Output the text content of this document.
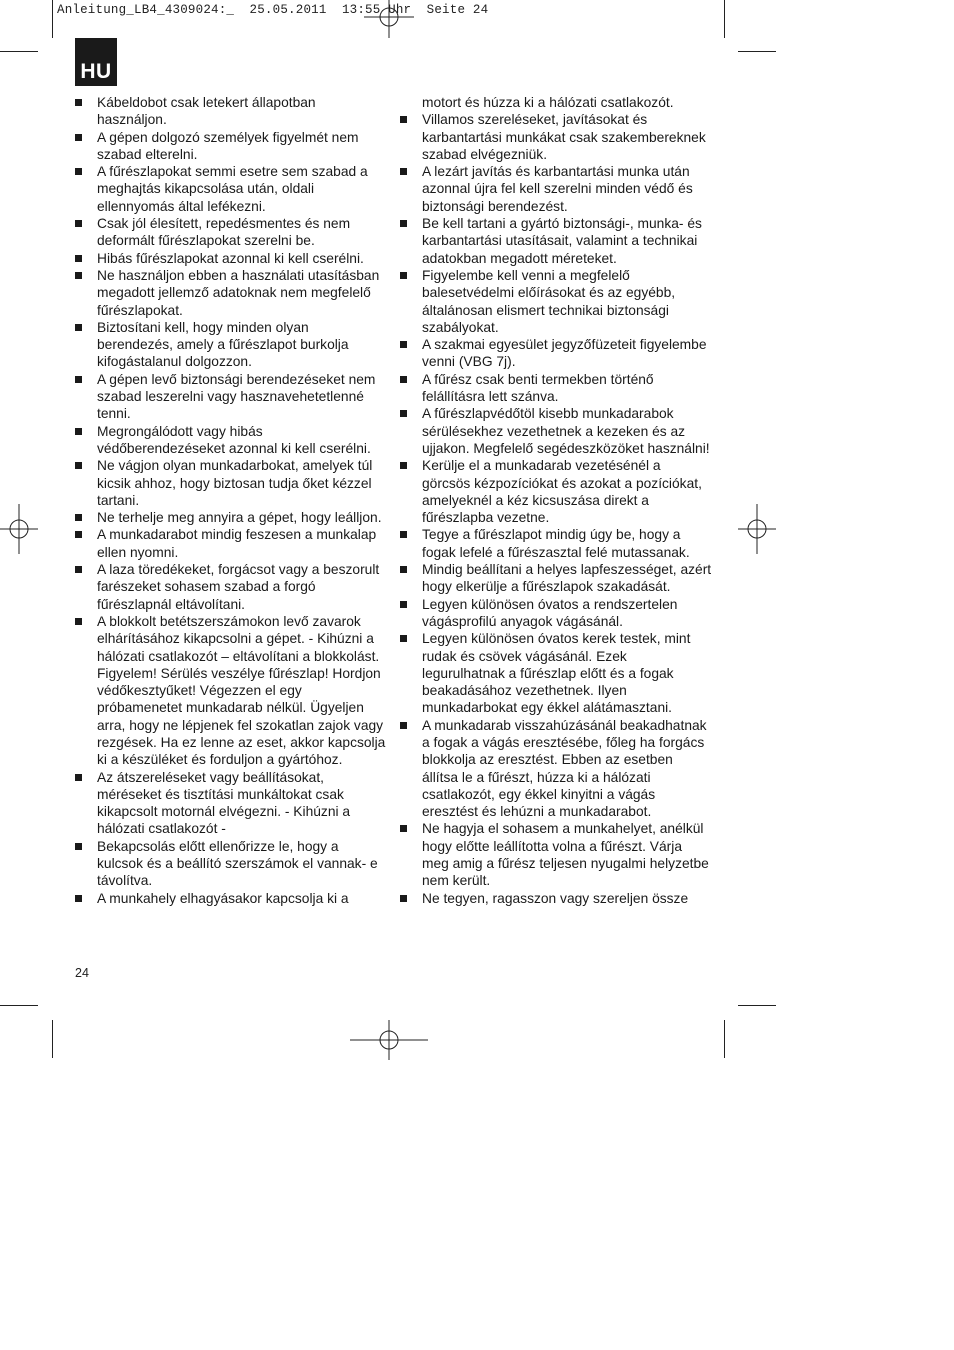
Anleitung_LB4_4309024:_  25.05.2011  13:55 Uhr  Seite 24
HU
Kábeldobot csak letekert állapotban használjon.
A gépen dolgozó személyek figyelmét nem szabad elterelni.
A fűrészlapokat semmi esetre sem szabad a meghajtás kikapcsolása után, oldali ellennyomás által lefékezni.
Csak jól élesített, repedésmentes és nem deformált fűrészlapokat szerelni be.
Hibás fűrészlapokat azonnal ki kell cserélni.
Ne használjon ebben a használati utasításban megadott jellemző adatoknak nem megfelelő fűrészlapokat.
Biztosítani kell, hogy minden olyan berendezés, amely a fűrészlapot burkolja kifogástalanul dolgozzon.
A gépen levő biztonsági berendezéseket nem szabad leszerelni vagy hasznavehetetlenné tenni.
Megrongálódott vagy hibás védőberendezéseket azonnal ki kell cserélni.
Ne vágjon olyan munkadarbokat, amelyek túl kicsik ahhoz, hogy biztosan tudja őket kézzel tartani.
Ne terhelje meg annyira a gépet, hogy leálljon.
A munkadarabot mindig feszesen a munkalap ellen nyomni.
A laza töredékeket, forgácsot vagy a beszorult farészeket sohasem szabad a forgó fűrészlapnál eltávolítani.
A blokkolt betétszerszámokon levő zavarok elhárításához kikapcsolni a gépet. - Kihúzni a hálózati csatlakozót – eltávolítani a blokkolást. Figyelem! Sérülés veszélye fűrészlap! Hordjon védőkesztyűket! Végezzen el egy próbamenetet munkadarab nélkül. Ügyeljen arra, hogy ne lépjenek fel szokatlan zajok vagy rezgések. Ha ez lenne az eset, akkor kapcsolja ki a készüléket és forduljon a gyártóhoz.
Az átszereléseket vagy beállításokat, méréseket és tisztítási munkáltokat csak kikapcsolt motornál elvégezni. - Kihúzni a hálózati csatlakozót -
Bekapcsolás előtt ellenőrizze le, hogy a kulcsok és a beállító szerszámok el vannak- e távolítva.
A munkahely elhagyásakor kapcsolja ki a
motort és húzza ki a hálózati csatlakozót.
Villamos szereléseket, javításokat és karbantartási munkákat csak szakembereknek szabad elvégezniük.
A lezárt javítás és karbantartási munka után azonnal újra fel kell szerelni minden védő és biztonsági berendezést.
Be kell tartani a gyártó biztonsági-, munka- és karbantartási utasításait, valamint a technikai adatokban megadott méreteket.
Figyelembe kell venni a megfelelő balesetvédelmi előírásokat és az egyébb, általánosan elismert technikai biztonsági szabályokat.
A szakmai egyesület jegyzőfüzeteit figyelembe venni (VBG 7j).
A fűrész csak benti termekben történő felállításra lett szánva.
A fűrészlapvédőtöl kisebb munkadarabok sérülésekhez vezethetnek a kezeken és az ujjakon. Megfelelő segédeszközöket használni!
Kerülje el a munkadarab vezetésénél a görcsös kézpozíciókat és azokat a pozíciókat, amelyeknél a kéz kicsuszása direkt a fűrészlapba vezetne.
Tegye a fűrészlapot mindig úgy be, hogy a fogak lefelé a fűrészasztal felé mutassanak.
Mindig beállítani a helyes lapfeszességet, azért hogy elkerülje a fűrészlapok szakadását.
Legyen különösen óvatos a rendszertelen vágásprofilú anyagok vágásánál.
Legyen különösen óvatos kerek testek, mint rudak és csövek vágásánál. Ezek legurulhatnak a fűrészlap előtt és a fogak beakadásához vezethetnek. Ilyen munkadarbokat egy ékkel alátámasztani.
A munkadarab visszahúzásánál beakadhatnak a fogak a vágás eresztésébe, főleg ha forgács blokkolja az eresztést. Ebben az esetben állítsa le a fűrészt, húzza ki a hálózati csatlakozót, egy ékkel kinyitni a vágás eresztést és lehúzni a munkadarabot.
Ne hagyja el sohasem a munkahelyet, anélkül hogy előtte leállította volna a fűrészt. Várja meg amig a fűrész teljesen nyugalmi helyzetbe nem került.
Ne tegyen, ragasszon vagy szereljen össze
24
